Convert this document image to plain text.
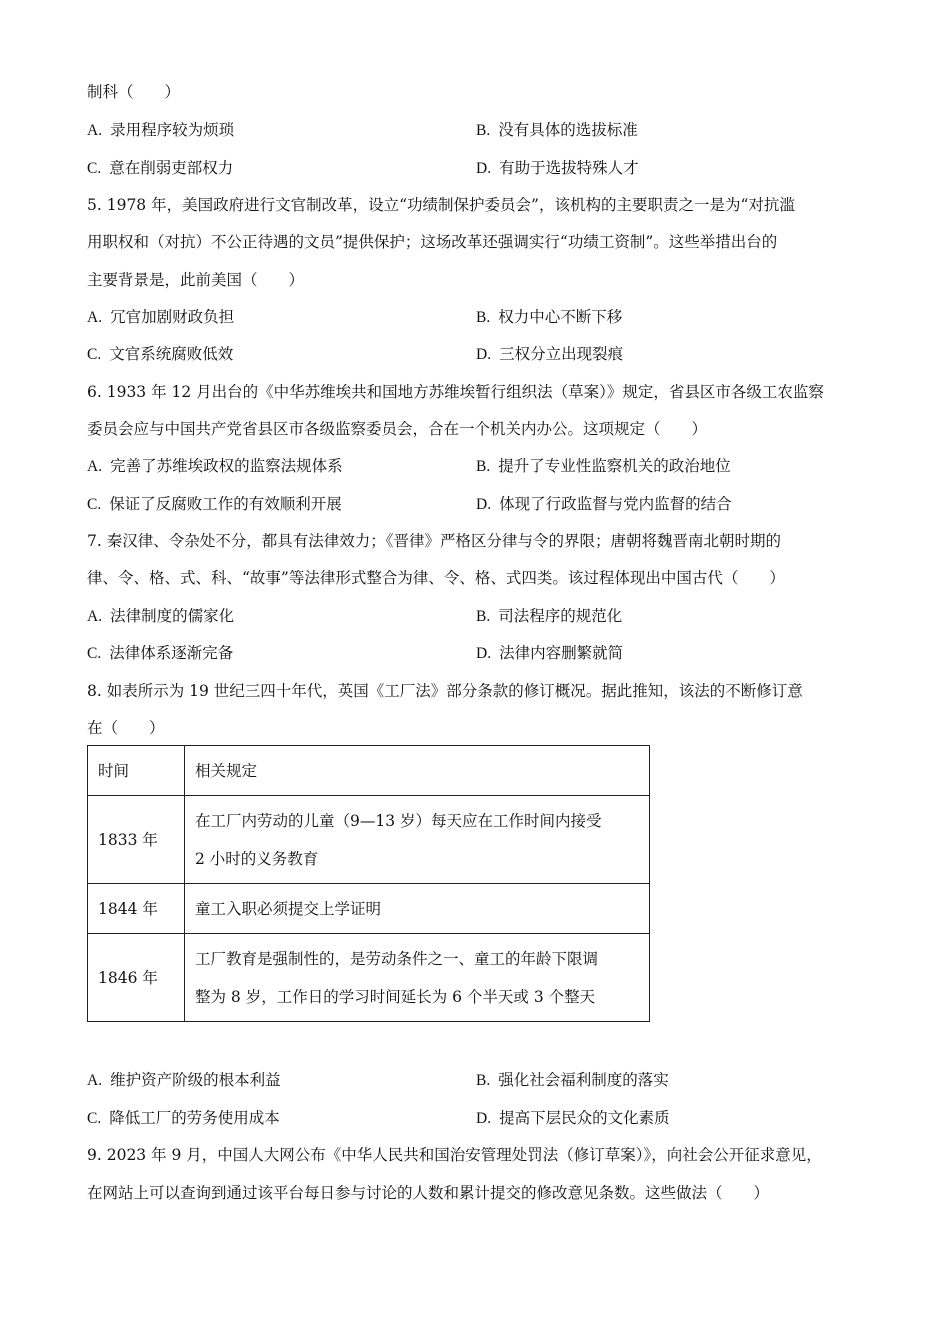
制科（　　）
A. 录用程序较为烦琐	B. 没有具体的选拔标准
C. 意在削弱吏部权力	D. 有助于选拔特殊人才
5. 1978 年，美国政府进行文官制改革，设立“功绩制保护委员会”，该机构的主要职责之一是为“对抗滥
用职权和（对抗）不公正待遇的文员”提供保护；这场改革还强调实行“功绩工资制”。这些举措出台的
主要背景是，此前美国（　　）
A. 冗官加剧财政负担	B. 权力中心不断下移
C. 文官系统腐败低效	D. 三权分立出现裂痕
6. 1933 年 12 月出台的《中华苏维埃共和国地方苏维埃暂行组织法（草案）》规定，省县区市各级工农监察
委员会应与中国共产党省县区市各级监察委员会，合在一个机关内办公。这项规定（　　）
A. 完善了苏维埃政权的监察法规体系	B. 提升了专业性监察机关的政治地位
C. 保证了反腐败工作的有效顺利开展	D. 体现了行政监督与党内监督的结合
7. 秦汉律、令杂处不分，都具有法律效力；《晋律》严格区分律与令的界限；唐朝将魏晋南北朝时期的
律、令、格、式、科、“故事”等法律形式整合为律、令、格、式四类。该过程体现出中国古代（　　）
A. 法律制度的儒家化	B. 司法程序的规范化
C. 法律体系逐渐完备	D. 法律内容删繁就简
8. 如表所示为 19 世纪三四十年代，英国《工厂法》部分条款的修订概况。据此推知，该法的不断修订意
在（　　）
时间	相关规定
1833 年	在工厂内劳动的儿童（9—13 岁）每天应在工作时间内接受
2 小时的义务教育

1844 年	童工入职必须提交上学证明

1846 年	工厂教育是强制性的，是劳动条件之一、童工的年龄下限调
整为 8 岁，工作日的学习时间延长为 6 个半天或 3 个整天
A. 维护资产阶级的根本利益	B. 强化社会福利制度的落实
C. 降低工厂的劳务使用成本	D. 提高下层民众的文化素质
9. 2023 年 9 月，中国人大网公布《中华人民共和国治安管理处罚法（修订草案）》，向社会公开征求意见，
在网站上可以查询到通过该平台每日参与讨论的人数和累计提交的修改意见条数。这些做法（　　）
